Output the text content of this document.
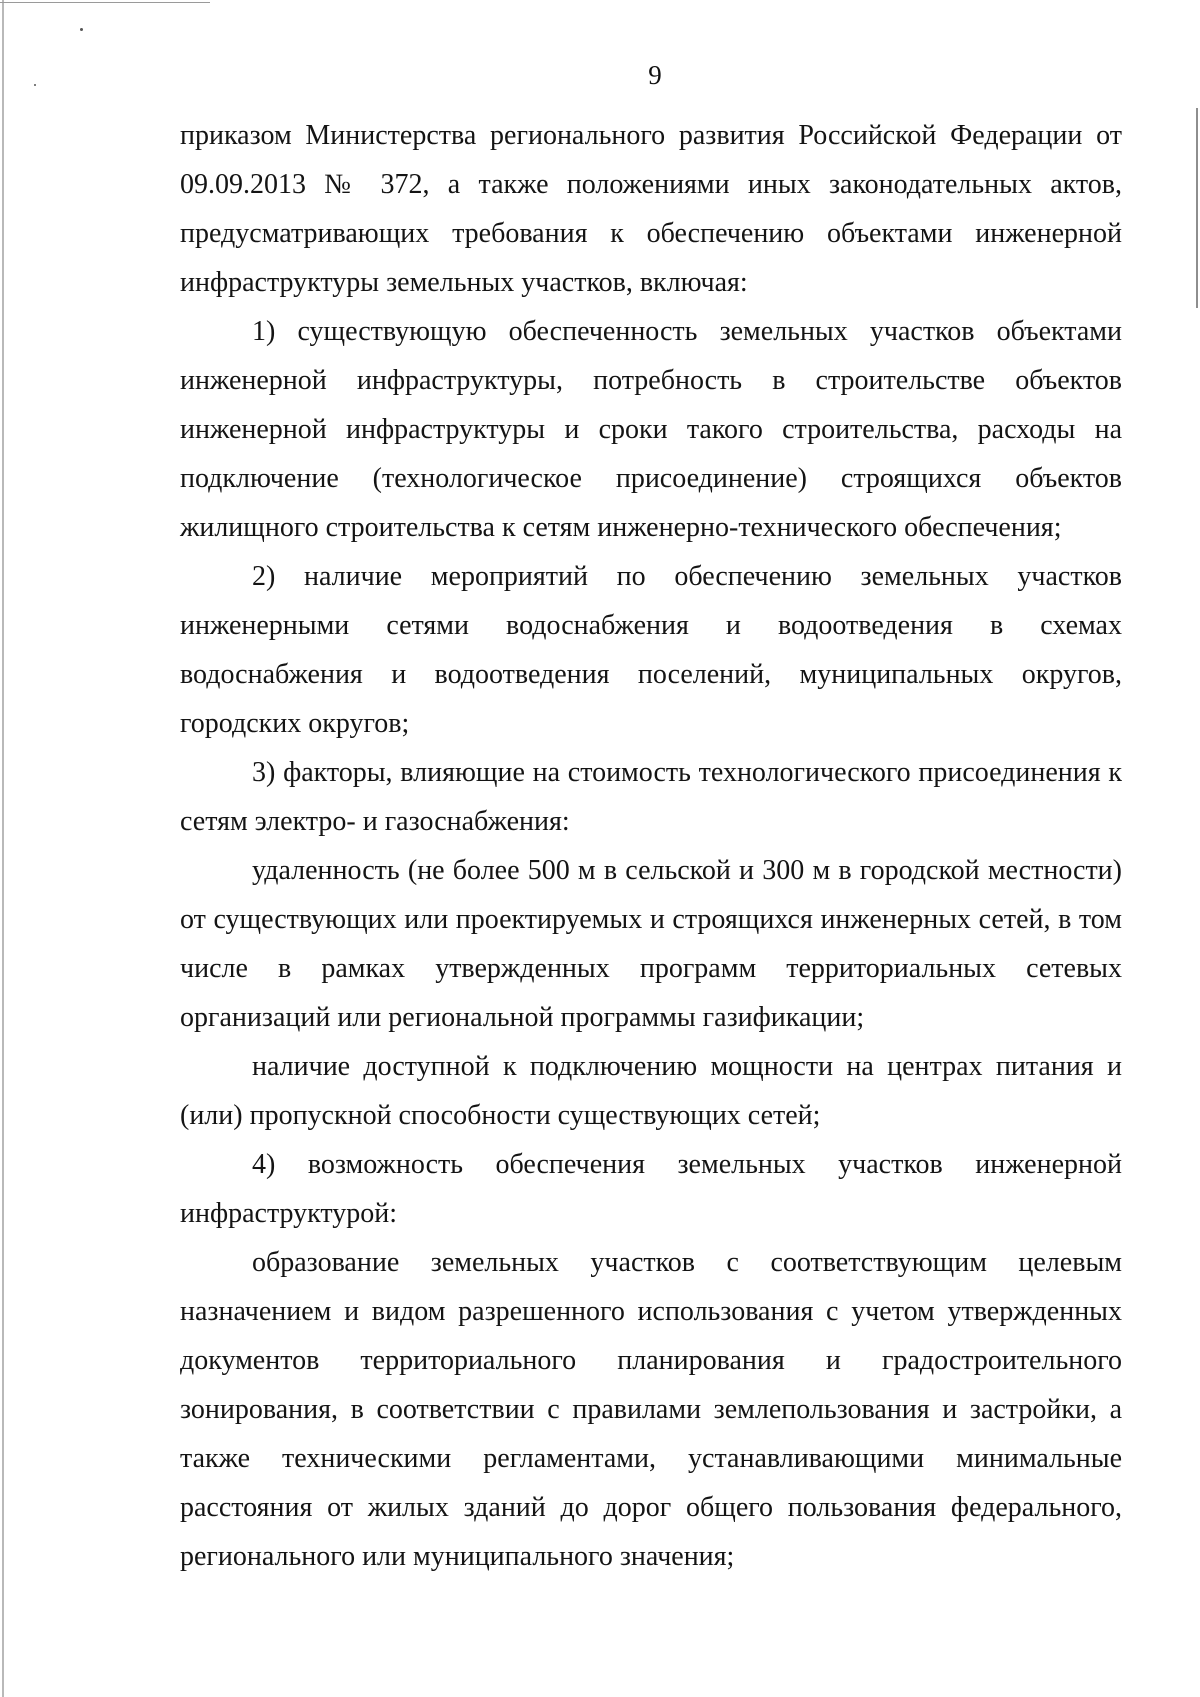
9

приказом Министерства регионального развития Российской Федерации от 09.09.2013 № 372, а также положениями иных законодательных актов, предусматривающих требования к обеспечению объектами инженерной инфраструктуры земельных участков, включая:

1) существующую обеспеченность земельных участков объектами инженерной инфраструктуры, потребность в строительстве объектов инженерной инфраструктуры и сроки такого строительства, расходы на подключение (технологическое присоединение) строящихся объектов жилищного строительства к сетям инженерно-технического обеспечения;

2) наличие мероприятий по обеспечению земельных участков инженерными сетями водоснабжения и водоотведения в схемах водоснабжения и водоотведения поселений, муниципальных округов, городских округов;

3) факторы, влияющие на стоимость технологического присоединения к сетям электро- и газоснабжения:

удаленность (не более 500 м в сельской и 300 м в городской местности) от существующих или проектируемых и строящихся инженерных сетей, в том числе в рамках утвержденных программ территориальных сетевых организаций или региональной программы газификации;

наличие доступной к подключению мощности на центрах питания и (или) пропускной способности существующих сетей;

4) возможность обеспечения земельных участков инженерной инфраструктурой:

образование земельных участков с соответствующим целевым назначением и видом разрешенного использования с учетом утвержденных документов территориального планирования и градостроительного зонирования, в соответствии с правилами землепользования и застройки, а также техническими регламентами, устанавливающими минимальные расстояния от жилых зданий до дорог общего пользования федерального, регионального или муниципального значения;
